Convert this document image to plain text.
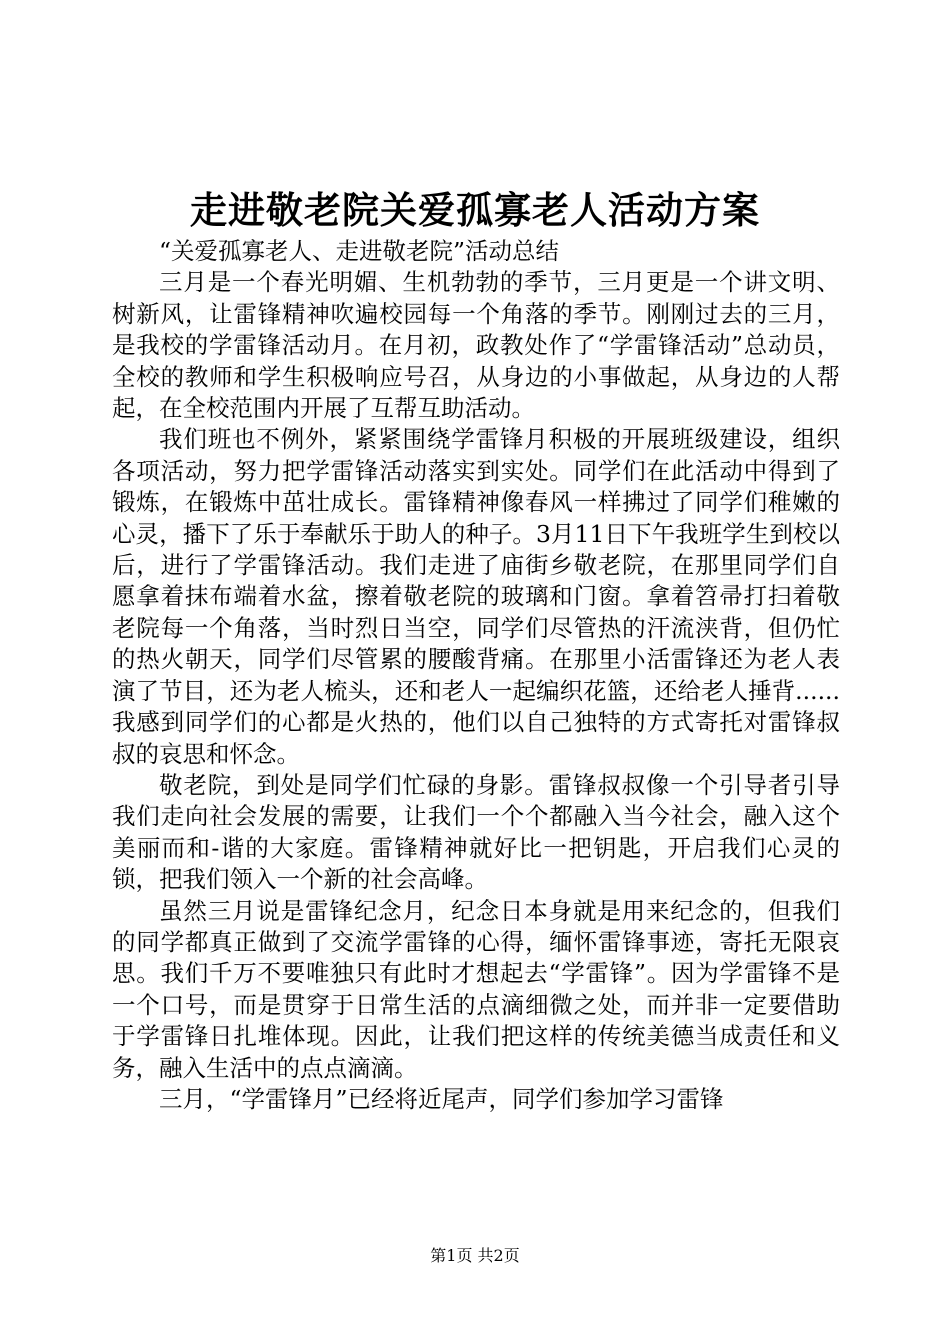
走进敬老院关爱孤寡老人活动方案

“关爱孤寡老人、走进敬老院”活动总结

三月是一个春光明媚、生机勃勃的季节，三月更是一个讲文明、树新风，让雷锋精神吹遍校园每一个角落的季节。刚刚过去的三月，是我校的学雷锋活动月。在月初，政教处作了“学雷锋活动”总动员，全校的教师和学生积极响应号召，从身边的小事做起，从身边的人帮起，在全校范围内开展了互帮互助活动。

我们班也不例外，紧紧围绕学雷锋月积极的开展班级建设，组织各项活动，努力把学雷锋活动落实到实处。同学们在此活动中得到了锻炼，在锻炼中茁壮成长。雷锋精神像春风一样拂过了同学们稚嫩的心灵，播下了乐于奉献乐于助人的种子。3月11日下午我班学生到校以后，进行了学雷锋活动。我们走进了庙街乡敬老院，在那里同学们自愿拿着抹布端着水盆，擦着敬老院的玻璃和门窗。拿着笤帚打扫着敬老院每一个角落，当时烈日当空，同学们尽管热的汗流浃背，但仍忙的热火朝天，同学们尽管累的腰酸背痛。在那里小活雷锋还为老人表演了节目，还为老人梳头，还和老人一起编织花篮，还给老人捶背......我感到同学们的心都是火热的，他们以自己独特的方式寄托对雷锋叔叔的哀思和怀念。

敬老院，到处是同学们忙碌的身影。雷锋叔叔像一个引导者引导我们走向社会发展的需要，让我们一个个都融入当今社会，融入这个美丽而和-谐的大家庭。雷锋精神就好比一把钥匙，开启我们心灵的锁，把我们领入一个新的社会高峰。

虽然三月说是雷锋纪念月，纪念日本身就是用来纪念的，但我们的同学都真正做到了交流学雷锋的心得，缅怀雷锋事迹，寄托无限哀思。我们千万不要唯独只有此时才想起去“学雷锋”。因为学雷锋不是一个口号，而是贯穿于日常生活的点滴细微之处，而并非一定要借助于学雷锋日扎堆体现。因此，让我们把这样的传统美德当成责任和义务，融入生活中的点点滴滴。

三月，“学雷锋月”已经将近尾声，同学们参加学习雷锋

第1页 共2页
